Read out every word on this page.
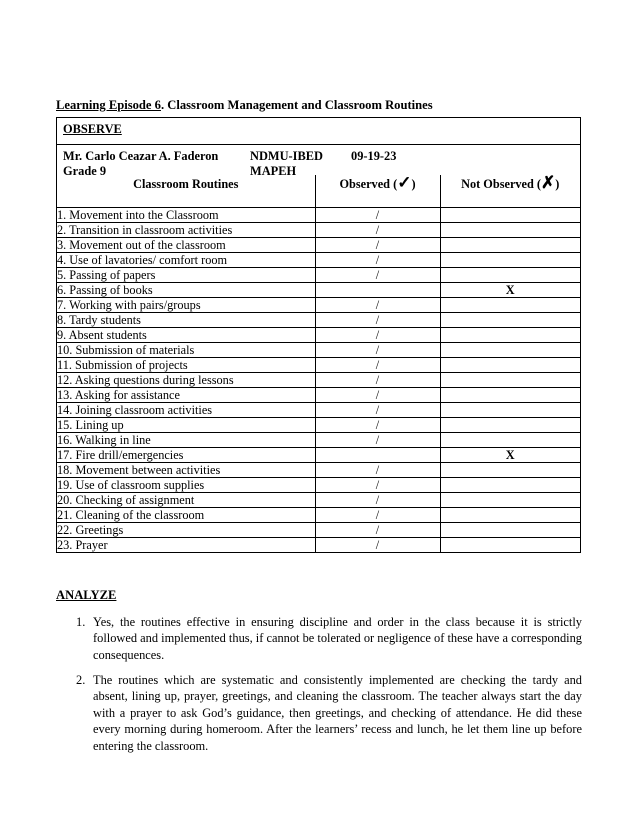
Learning Episode 6. Classroom Management and Classroom Routines
OBSERVE
Mr. Carlo Ceazar A. Faderon
Grade 9
NDMU-IBED
MAPEH
09-19-23
Classroom Routines	Observed (✓)	Not Observed (✗)
1. Movement into the Classroom	/	
2. Transition in classroom activities	/	
3. Movement out of the classroom	/	
4. Use of lavatories/ comfort room	/	
5. Passing of papers	/	
6. Passing of books		X
7. Working with pairs/groups	/	
8. Tardy students	/	
9. Absent students	/	
10. Submission of materials	/	
11. Submission of projects	/	
12. Asking questions during lessons	/	
13. Asking for assistance	/	
14. Joining classroom activities	/	
15. Lining up	/	
16. Walking in line	/	
17. Fire drill/emergencies		X
18. Movement between activities	/	
19. Use of classroom supplies	/	
20. Checking of assignment	/	
21. Cleaning of the classroom	/	
22. Greetings	/	
23. Prayer	/	
ANALYZE
1. Yes, the routines effective in ensuring discipline and order in the class because it is strictly followed and implemented thus, if cannot be tolerated or negligence of these have a corresponding consequences.
2. The routines which are systematic and consistently implemented are checking the tardy and absent, lining up, prayer, greetings, and cleaning the classroom. The teacher always start the day with a prayer to ask God’s guidance, then greetings, and checking of attendance. He did these every morning during homeroom. After the learners’ recess and lunch, he let them line up before entering the classroom.
